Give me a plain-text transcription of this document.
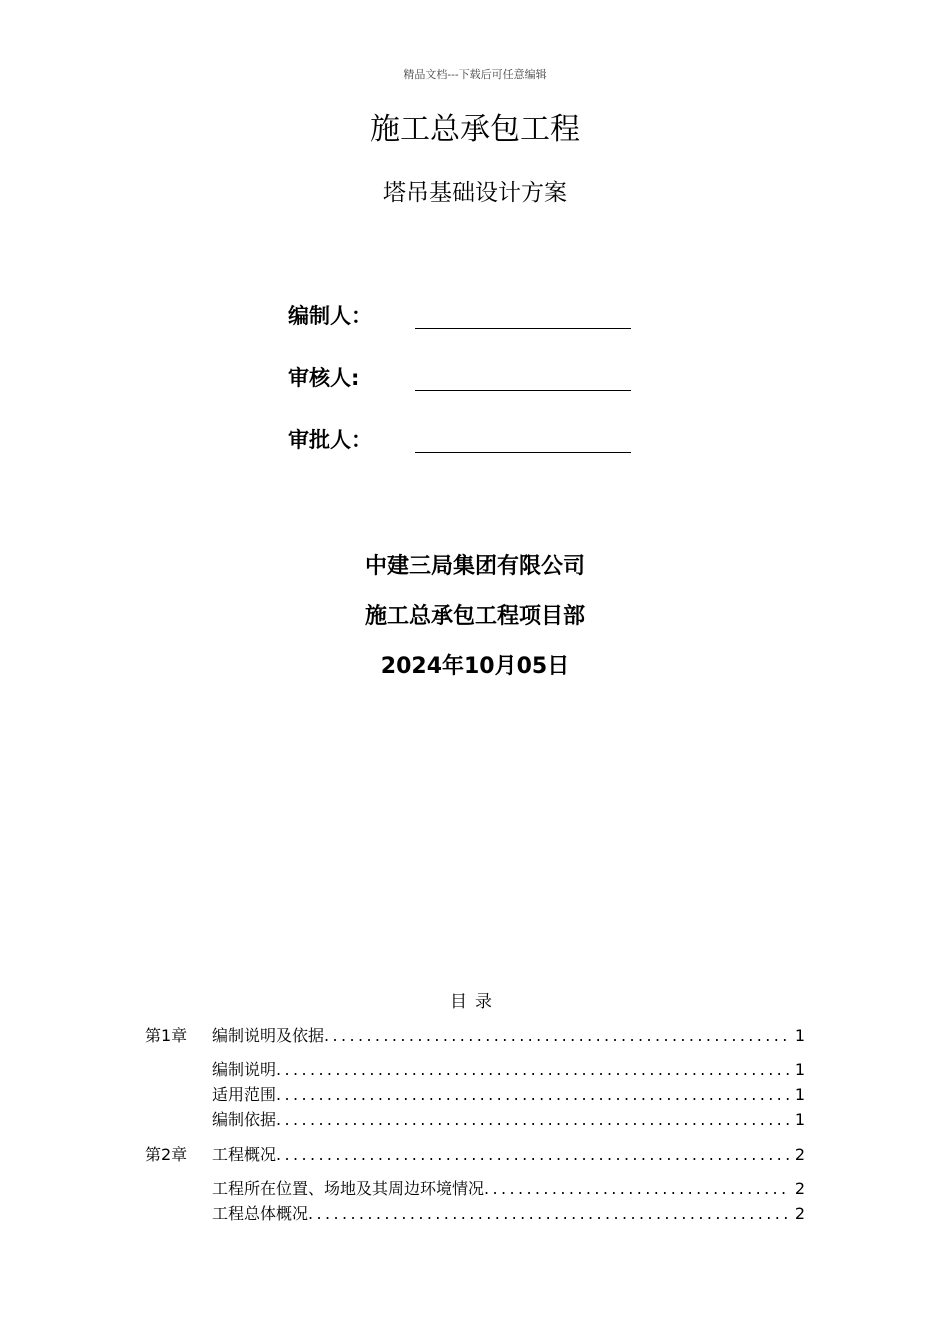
精品文档---下载后可任意编辑
施工总承包工程
塔吊基础设计方案
编制人：
审核人:
审批人：
中建三局集团有限公司
施工总承包工程项目部
2024年10月05日
目录
第1章	编制说明及依据 .....	1
编制说明 .....	1
适用范围 .....	1
编制依据 .....	1
第2章	工程概况 .....	2
工程所在位置、场地及其周边环境情况 .....	2
工程总体概况 .....	2
